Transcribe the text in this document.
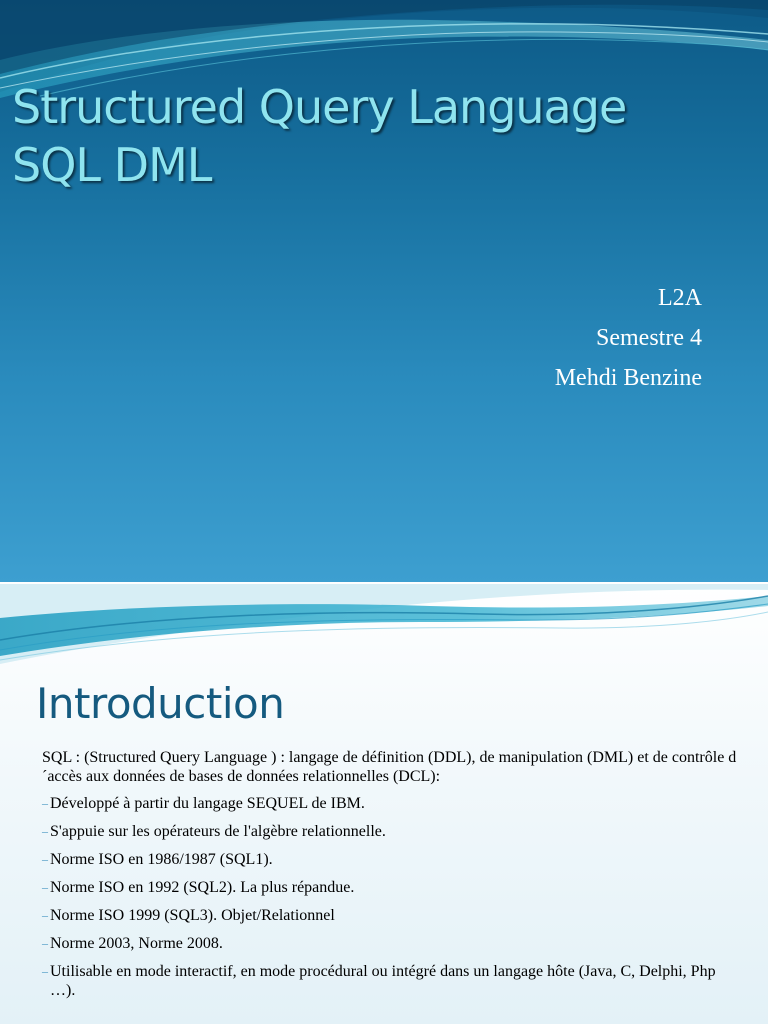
Structured Query Language
SQL DML
L2A
Semestre 4
Mehdi Benzine
Introduction

SQL : (Structured Query Language ) : langage de définition (DDL), de manipulation (DML) et de contrôle d´accès aux données de bases de données relationnelles (DCL):

– Développé à partir du langage SEQUEL de IBM.
– S'appuie sur les opérateurs de l'algèbre relationnelle.
– Norme ISO en 1986/1987 (SQL1).
– Norme ISO en 1992 (SQL2). La plus répandue.
– Norme ISO 1999 (SQL3). Objet/Relationnel
– Norme 2003, Norme 2008.
– Utilisable en mode interactif, en mode procédural ou intégré dans un langage hôte (Java, C, Delphi, Php …).
